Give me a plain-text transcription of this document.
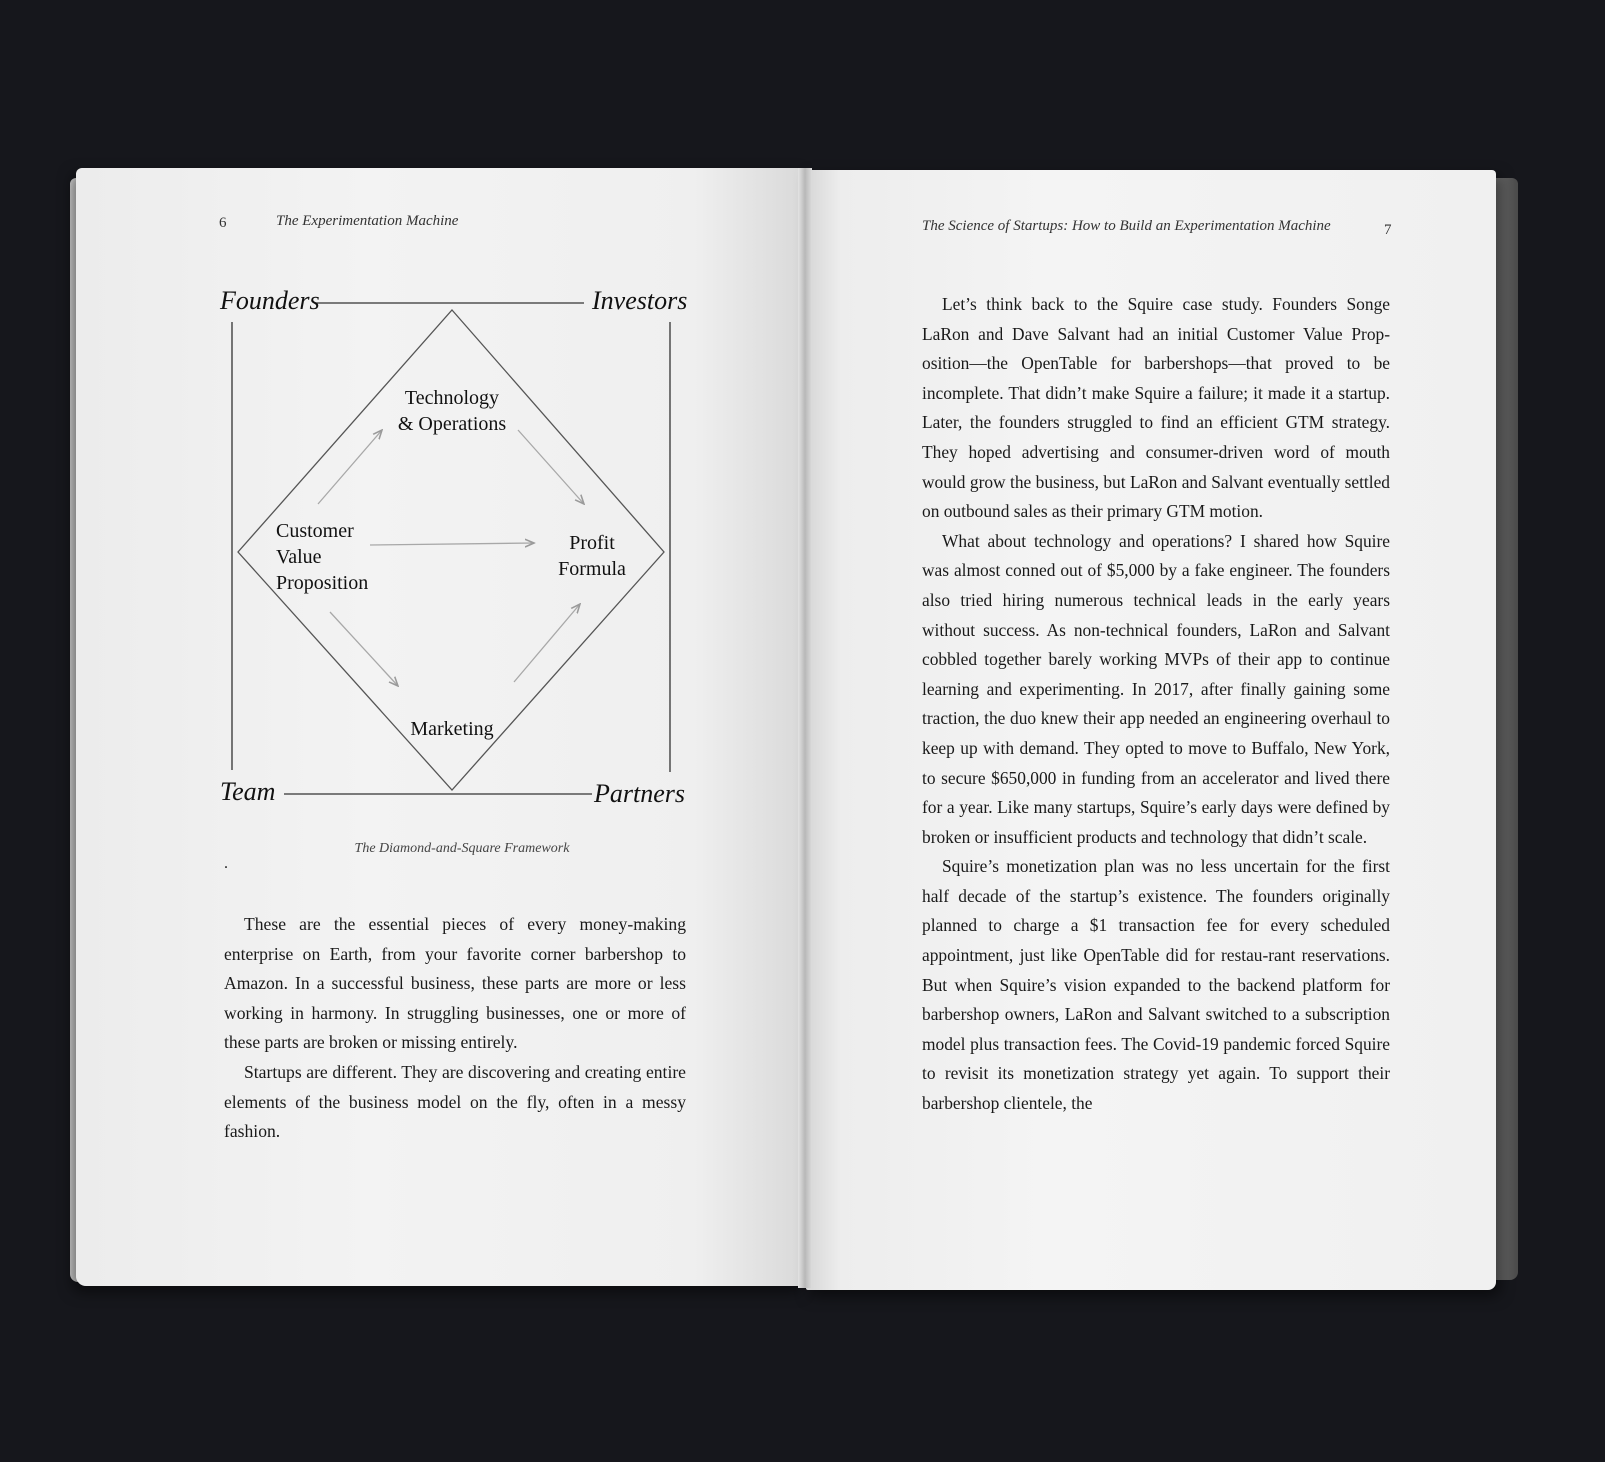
6	The Experimentation Machine	The Science of Startups: How to Build an Experimentation Machine	7
Founders	Investors
Team	Partners
Technology
& Operations
Customer
Value
Proposition
Profit
Formula
Marketing
The Diamond-and-Square Framework
.

These are the essential pieces of every money-making enterprise on Earth, from your favorite corner barbershop to Amazon. In a successful business, these parts are more or less working in harmony. In struggling businesses, one or more of these parts are broken or missing entirely.

Startups are different. They are discovering and creating entire elements of the business model on the fly, often in a messy fashion.

Let’s think back to the Squire case study. Founders Songe LaRon and Dave Salvant had an initial Customer Value Prop-osition—the OpenTable for barbershops—that proved to be incomplete. That didn’t make Squire a failure; it made it a startup. Later, the founders struggled to find an efficient GTM strategy. They hoped advertising and consumer-driven word of mouth would grow the business, but LaRon and Salvant eventually settled on outbound sales as their primary GTM motion.

What about technology and operations? I shared how Squire was almost conned out of $5,000 by a fake engineer. The founders also tried hiring numerous technical leads in the early years without success. As non-technical founders, LaRon and Salvant cobbled together barely working MVPs of their app to continue learning and experimenting. In 2017, after finally gaining some traction, the duo knew their app needed an engineering overhaul to keep up with demand. They opted to move to Buffalo, New York, to secure $650,000 in funding from an accelerator and lived there for a year. Like many startups, Squire’s early days were defined by broken or insufficient products and technology that didn’t scale.

Squire’s monetization plan was no less uncertain for the first half decade of the startup’s existence. The founders originally planned to charge a $1 transaction fee for every scheduled appointment, just like OpenTable did for restau-rant reservations. But when Squire’s vision expanded to the backend platform for barbershop owners, LaRon and Salvant switched to a subscription model plus transaction fees. The Covid-19 pandemic forced Squire to revisit its monetization strategy yet again. To support their barbershop clientele, the
